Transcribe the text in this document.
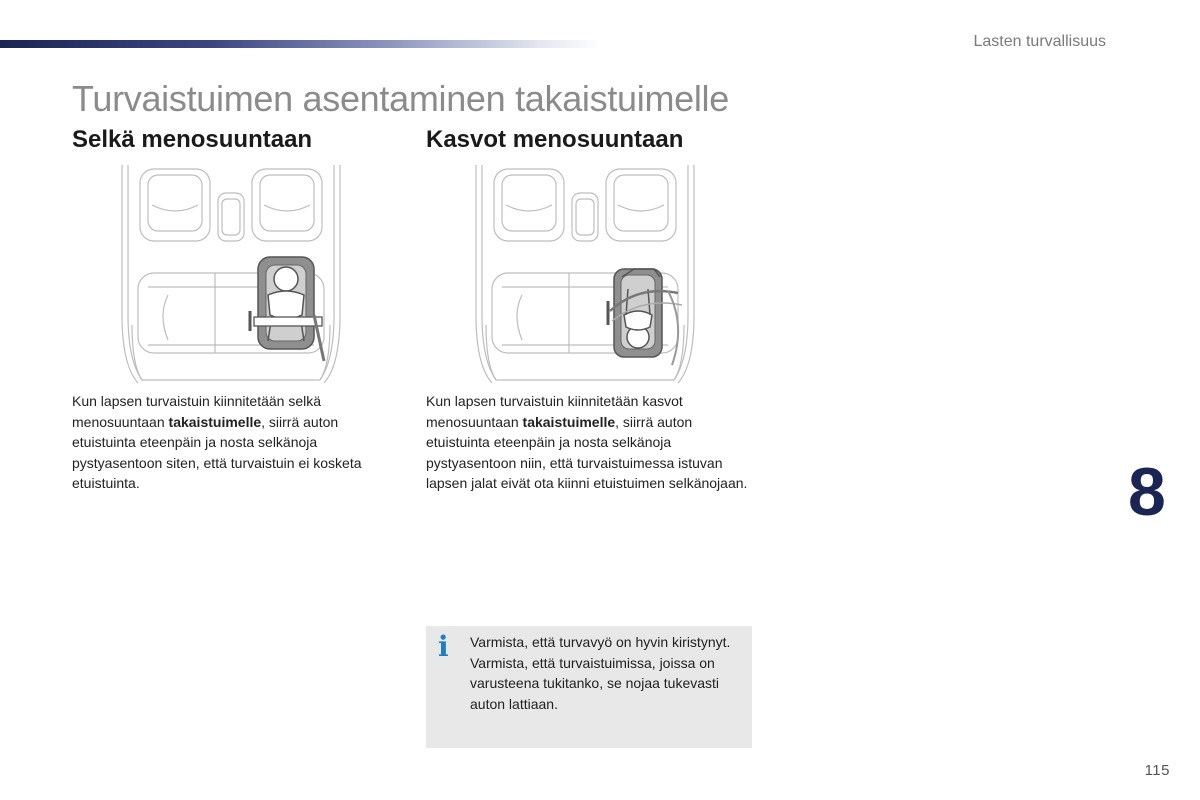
Lasten turvallisuus
Turvaistuimen asentaminen takaistuimelle
Selkä menosuuntaan	Kasvot menosuuntaan
Kun lapsen turvaistuin kiinnitetään selkä menosuuntaan takaistuimelle, siirrä auton etuistuinta eteenpäin ja nosta selkänoja pystyasentoon siten, että turvaistuin ei kosketa etuistuinta.
Kun lapsen turvaistuin kiinnitetään kasvot menosuuntaan takaistuimelle, siirrä auton etuistuinta eteenpäin ja nosta selkänoja pystyasentoon niin, että turvaistuimessa istuvan lapsen jalat eivät ota kiinni etuistuimen selkänojaan.
i Varmista, että turvavyö on hyvin kiristynyt. Varmista, että turvaistuimissa, joissa on varusteena tukitanko, se nojaa tukevasti auton lattiaan.
8
115
